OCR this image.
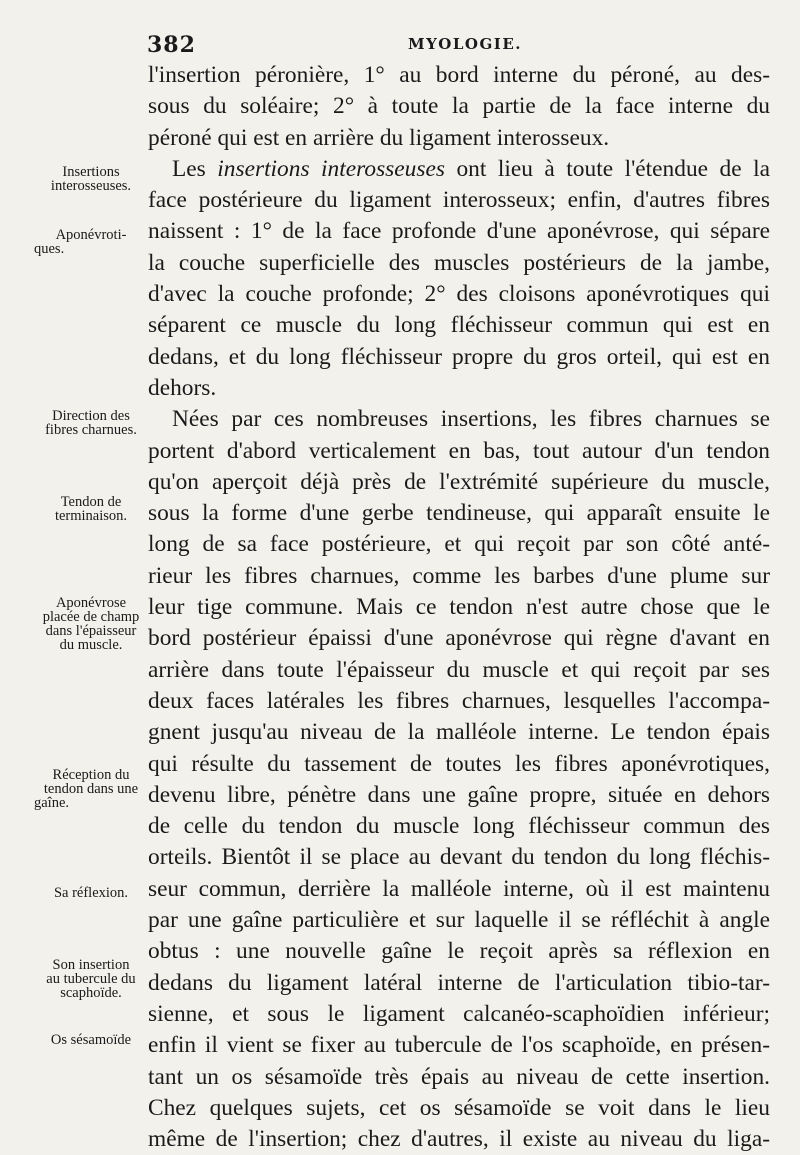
382	MYOLOGIE.
Insertions
interosseuses.
Aponévroti-
ques.
Direction des
fibres charnues.
Tendon de
terminaison.
Aponévrose
placée de champ
dans l'épaisseur
du muscle.
Réception du
tendon dans une
gaîne.
Sa réflexion.
Son insertion
au tubercule du
scaphoïde.
Os sésamoïde
l'insertion péronière, 1° au bord interne du péroné, au des-
sous du soléaire; 2° à toute la partie de la face interne du
péroné qui est en arrière du ligament interosseux.
Les insertions interosseuses ont lieu à toute l'étendue de la
face postérieure du ligament interosseux; enfin, d'autres fibres
naissent : 1° de la face profonde d'une aponévrose, qui sépare
la couche superficielle des muscles postérieurs de la jambe,
d'avec la couche profonde; 2° des cloisons aponévrotiques qui
séparent ce muscle du long fléchisseur commun qui est en
dedans, et du long fléchisseur propre du gros orteil, qui est en
dehors.
Nées par ces nombreuses insertions, les fibres charnues se
portent d'abord verticalement en bas, tout autour d'un tendon
qu'on aperçoit déjà près de l'extrémité supérieure du muscle,
sous la forme d'une gerbe tendineuse, qui apparaît ensuite le
long de sa face postérieure, et qui reçoit par son côté anté-
rieur les fibres charnues, comme les barbes d'une plume sur
leur tige commune. Mais ce tendon n'est autre chose que le
bord postérieur épaissi d'une aponévrose qui règne d'avant en
arrière dans toute l'épaisseur du muscle et qui reçoit par ses
deux faces latérales les fibres charnues, lesquelles l'accompa-
gnent jusqu'au niveau de la malléole interne. Le tendon épais
qui résulte du tassement de toutes les fibres aponévrotiques,
devenu libre, pénètre dans une gaîne propre, située en dehors
de celle du tendon du muscle long fléchisseur commun des
orteils. Bientôt il se place au devant du tendon du long fléchis-
seur commun, derrière la malléole interne, où il est maintenu
par une gaîne particulière et sur laquelle il se réfléchit à angle
obtus : une nouvelle gaîne le reçoit après sa réflexion en
dedans du ligament latéral interne de l'articulation tibio-tar-
sienne, et sous le ligament calcanéo-scaphoïdien inférieur;
enfin il vient se fixer au tubercule de l'os scaphoïde, en présen-
tant un os sésamoïde très épais au niveau de cette insertion.
Chez quelques sujets, cet os sésamoïde se voit dans le lieu
même de l'insertion; chez d'autres, il existe au niveau du liga-
